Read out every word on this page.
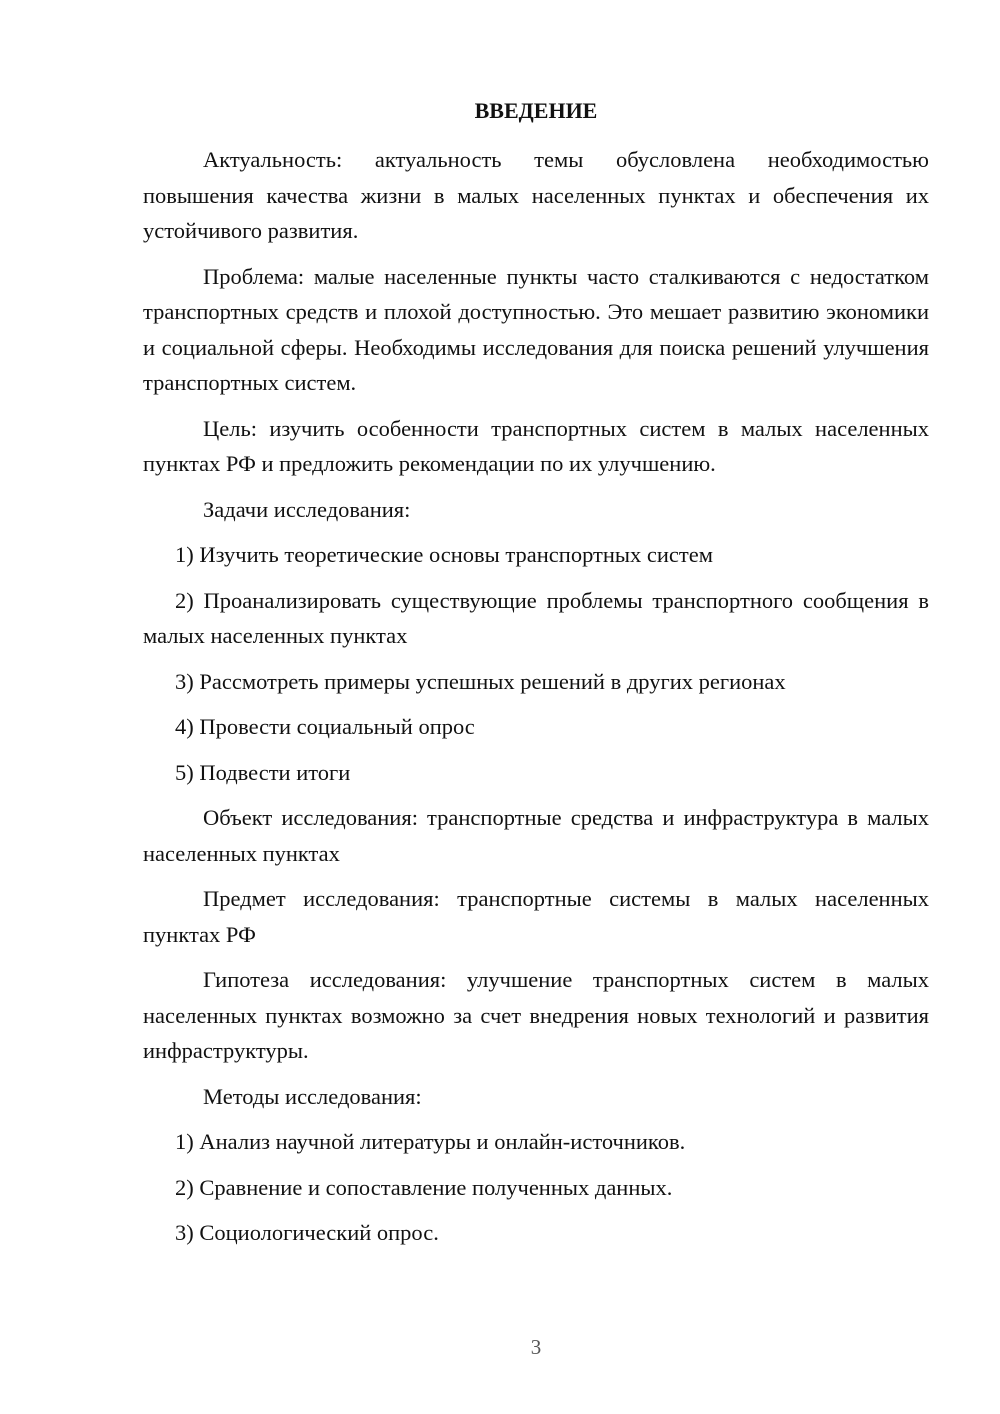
ВВЕДЕНИЕ

Актуальность: актуальность темы обусловлена необходимостью повышения качества жизни в малых населенных пунктах и обеспечения их устойчивого развития.

Проблема: малые населенные пункты часто сталкиваются с недостатком транспортных средств и плохой доступностью. Это мешает развитию экономики и социальной сферы. Необходимы исследования для поиска решений улучшения транспортных систем.

Цель: изучить особенности транспортных систем в малых населенных пунктах РФ и предложить рекомендации по их улучшению.

Задачи исследования:

1) Изучить теоретические основы транспортных систем

2) Проанализировать существующие проблемы транспортного сообщения в малых населенных пунктах

3) Рассмотреть примеры успешных решений в других регионах

4) Провести социальный опрос

5) Подвести итоги

Объект исследования: транспортные средства и инфраструктура в малых населенных пунктах

Предмет исследования: транспортные системы в малых населенных пунктах РФ

Гипотеза исследования: улучшение транспортных систем в малых населенных пунктах возможно за счет внедрения новых технологий и развития инфраструктуры.

Методы исследования:

1) Анализ научной литературы и онлайн-источников.

2) Сравнение и сопоставление полученных данных.

3) Социологический опрос.

3
